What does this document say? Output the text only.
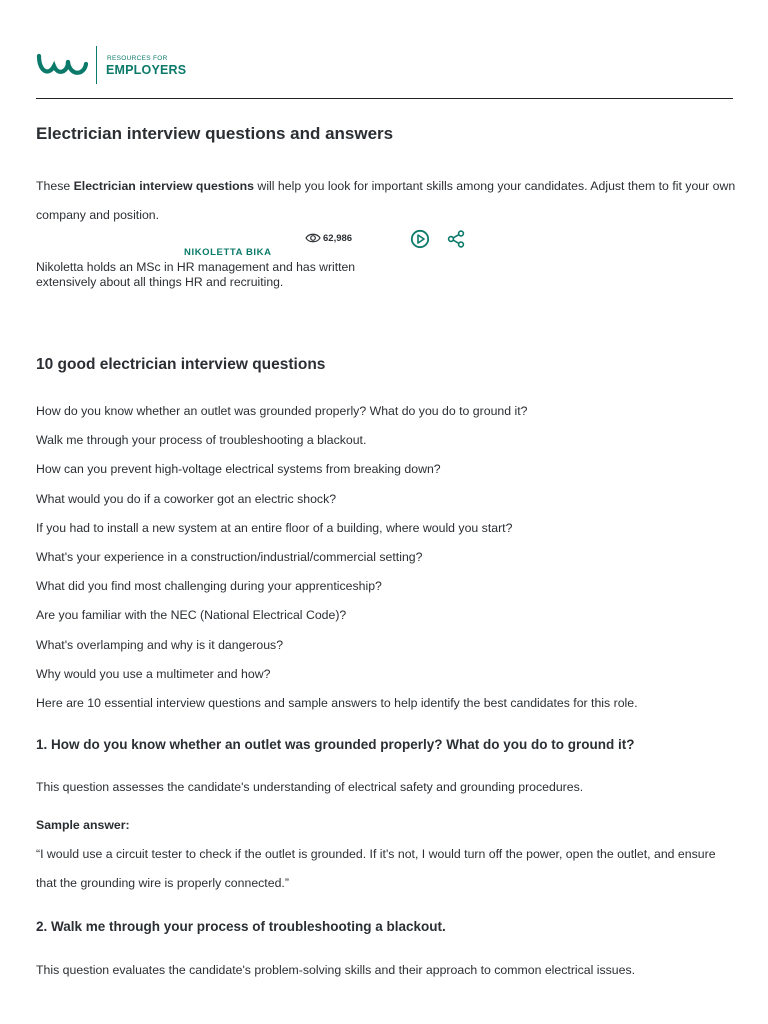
RESOURCES FOR
EMPLOYERS
Electrician interview questions and answers

These Electrician interview questions will help you look for important skills among your candidates. Adjust them to fit your own company and position.

62,986
NIKOLETTA BIKA

Nikoletta holds an MSc in HR management and has written extensively about all things HR and recruiting.

10 good electrician interview questions
How do you know whether an outlet was grounded properly? What do you do to ground it?
Walk me through your process of troubleshooting a blackout.
How can you prevent high-voltage electrical systems from breaking down?
What would you do if a coworker got an electric shock?
If you had to install a new system at an entire floor of a building, where would you start?
What's your experience in a construction/industrial/commercial setting?
What did you find most challenging during your apprenticeship?
Are you familiar with the NEC (National Electrical Code)?
What's overlamping and why is it dangerous?
Why would you use a multimeter and how?
Here are 10 essential interview questions and sample answers to help identify the best candidates for this role.
1. How do you know whether an outlet was grounded properly? What do you do to ground it?

This question assesses the candidate's understanding of electrical safety and grounding procedures.

Sample answer:

“I would use a circuit tester to check if the outlet is grounded. If it's not, I would turn off the power, open the outlet, and ensure that the grounding wire is properly connected.”

2. Walk me through your process of troubleshooting a blackout.

This question evaluates the candidate's problem-solving skills and their approach to common electrical issues.
